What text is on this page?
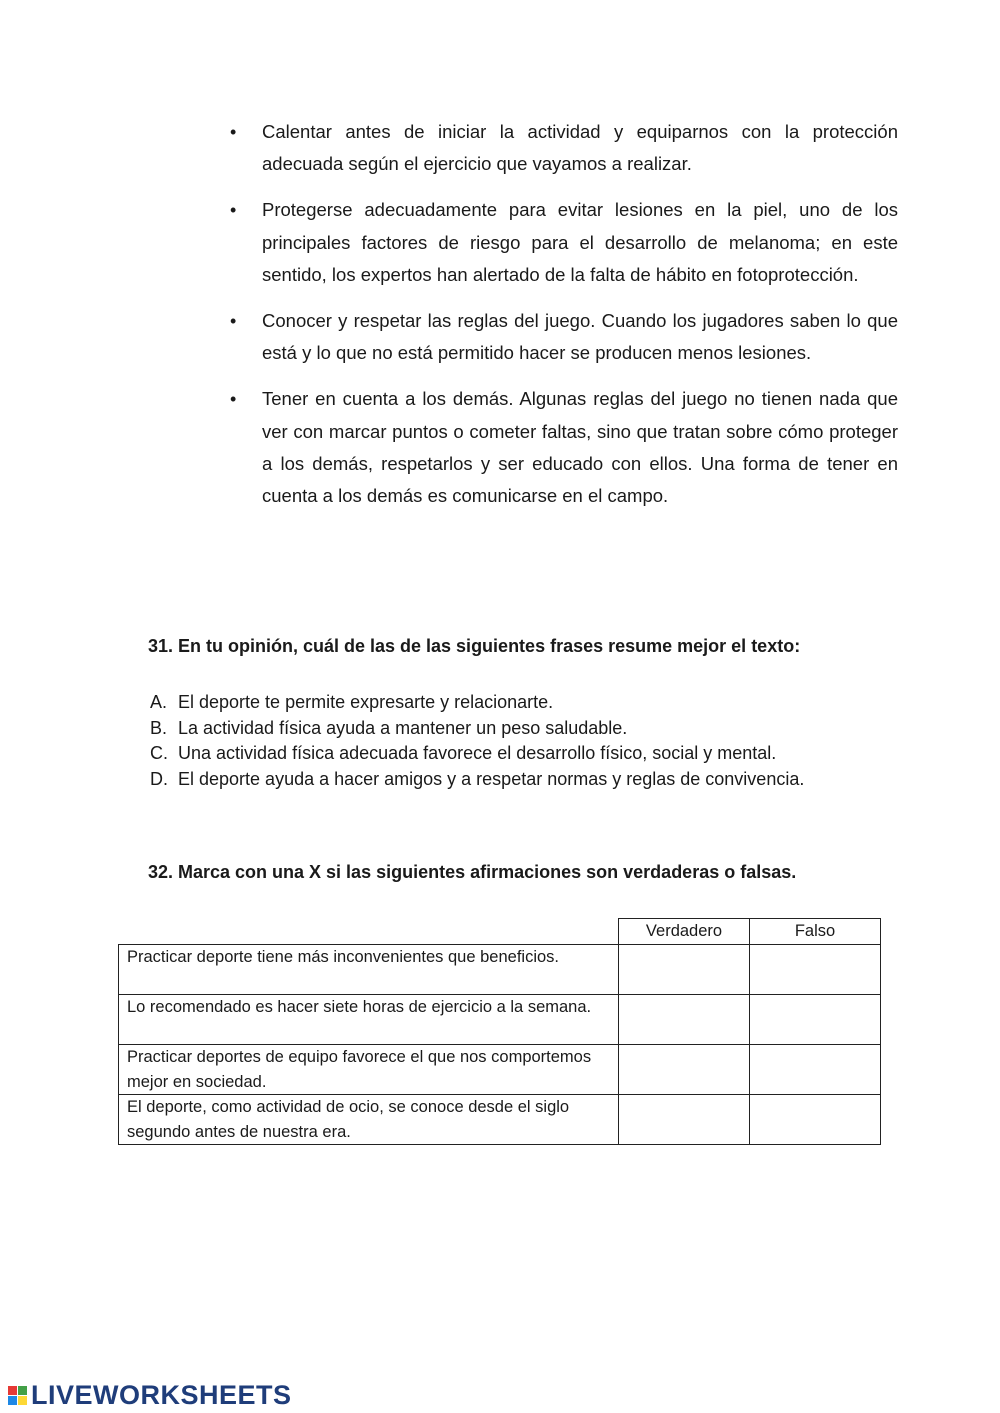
• Calentar antes de iniciar la actividad y equiparnos con la protección adecuada según el ejercicio que vayamos a realizar.
• Protegerse adecuadamente para evitar lesiones en la piel, uno de los principales factores de riesgo para el desarrollo de melanoma; en este sentido, los expertos han alertado de la falta de hábito en fotoprotección.
• Conocer y respetar las reglas del juego. Cuando los jugadores saben lo que está y lo que no está permitido hacer se producen menos lesiones.
• Tener en cuenta a los demás. Algunas reglas del juego no tienen nada que ver con marcar puntos o cometer faltas, sino que tratan sobre cómo proteger a los demás, respetarlos y ser educado con ellos. Una forma de tener en cuenta a los demás es comunicarse en el campo.
31. En tu opinión, cuál de las de las siguientes frases resume mejor el texto:
A. El deporte te permite expresarte y relacionarte.
B. La actividad física ayuda a mantener un peso saludable.
C. Una actividad física adecuada favorece el desarrollo físico, social y mental.
D. El deporte ayuda a hacer amigos y a respetar normas y reglas de convivencia.
32. Marca con una X si las siguientes afirmaciones son verdaderas o falsas.
	Verdadero	Falso
Practicar deporte tiene más inconvenientes que beneficios.		
Lo recomendado es hacer siete horas de ejercicio a la semana.		
Practicar deportes de equipo favorece el que nos comportemos mejor en sociedad.		
El deporte, como actividad de ocio, se conoce desde el siglo segundo antes de nuestra era.		
LIVEWORKSHEETS
